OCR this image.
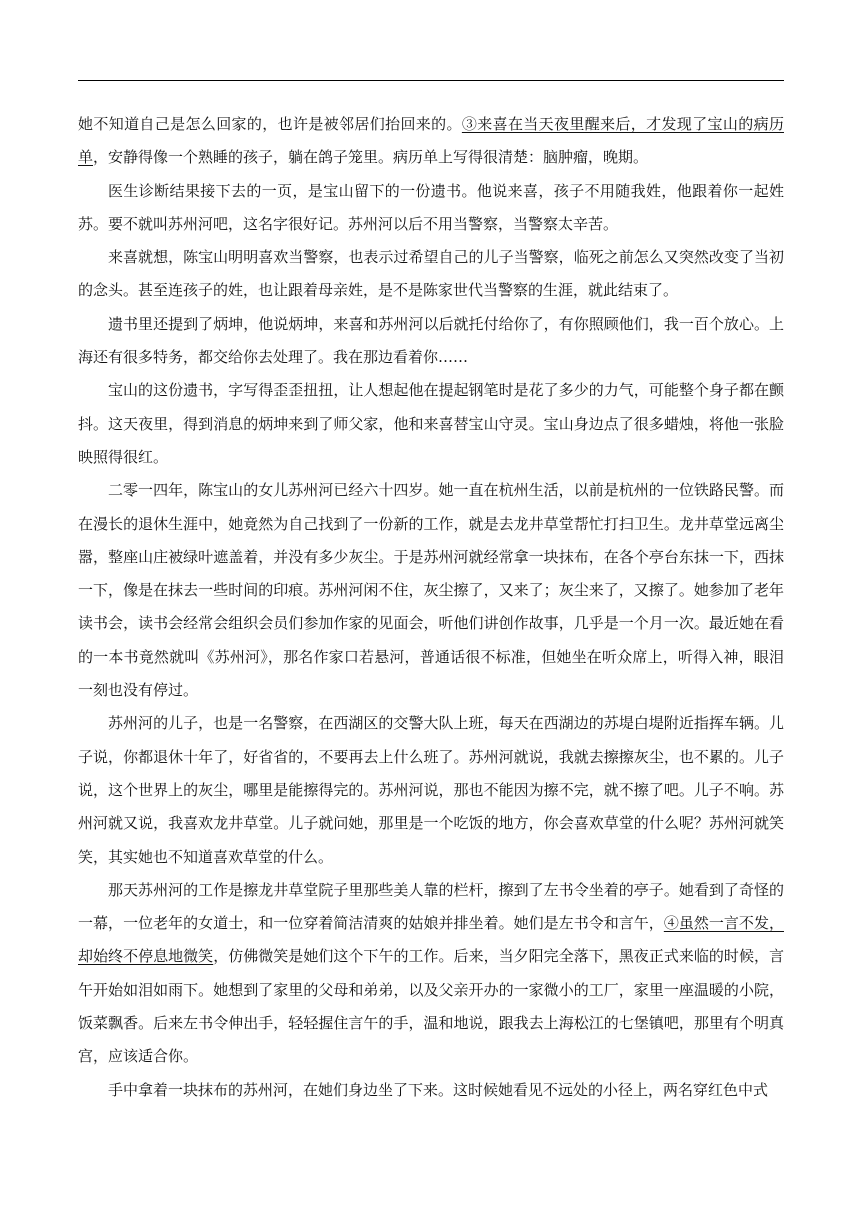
她不知道自己是怎么回家的，也许是被邻居们抬回来的。③来喜在当天夜里醒来后，才发现了宝山的病历单，安静得像一个熟睡的孩子，躺在鸽子笼里。病历单上写得很清楚：脑肿瘤，晚期。

医生诊断结果接下去的一页，是宝山留下的一份遗书。他说来喜，孩子不用随我姓，他跟着你一起姓苏。要不就叫苏州河吧，这名字很好记。苏州河以后不用当警察，当警察太辛苦。

来喜就想，陈宝山明明喜欢当警察，也表示过希望自己的儿子当警察，临死之前怎么又突然改变了当初的念头。甚至连孩子的姓，也让跟着母亲姓，是不是陈家世代当警察的生涯，就此结束了。

遗书里还提到了炳坤，他说炳坤，来喜和苏州河以后就托付给你了，有你照顾他们，我一百个放心。上海还有很多特务，都交给你去处理了。我在那边看着你……

宝山的这份遗书，字写得歪歪扭扭，让人想起他在提起钢笔时是花了多少的力气，可能整个身子都在颤抖。这天夜里，得到消息的炳坤来到了师父家，他和来喜替宝山守灵。宝山身边点了很多蜡烛，将他一张脸映照得很红。

二零一四年，陈宝山的女儿苏州河已经六十四岁。她一直在杭州生活，以前是杭州的一位铁路民警。而在漫长的退休生涯中，她竟然为自己找到了一份新的工作，就是去龙井草堂帮忙打扫卫生。龙井草堂远离尘嚣，整座山庄被绿叶遮盖着，并没有多少灰尘。于是苏州河就经常拿一块抹布，在各个亭台东抹一下，西抹一下，像是在抹去一些时间的印痕。苏州河闲不住，灰尘擦了，又来了；灰尘来了，又擦了。她参加了老年读书会，读书会经常会组织会员们参加作家的见面会，听他们讲创作故事，几乎是一个月一次。最近她在看的一本书竟然就叫《苏州河》，那名作家口若悬河，普通话很不标准，但她坐在听众席上，听得入神，眼泪一刻也没有停过。

苏州河的儿子，也是一名警察，在西湖区的交警大队上班，每天在西湖边的苏堤白堤附近指挥车辆。儿子说，你都退休十年了，好省省的，不要再去上什么班了。苏州河就说，我就去擦擦灰尘，也不累的。儿子说，这个世界上的灰尘，哪里是能擦得完的。苏州河说，那也不能因为擦不完，就不擦了吧。儿子不响。苏州河就又说，我喜欢龙井草堂。儿子就问她，那里是一个吃饭的地方，你会喜欢草堂的什么呢？苏州河就笑笑，其实她也不知道喜欢草堂的什么。

那天苏州河的工作是擦龙井草堂院子里那些美人靠的栏杆，擦到了左书令坐着的亭子。她看到了奇怪的一幕，一位老年的女道士，和一位穿着简洁清爽的姑娘并排坐着。她们是左书令和言午，④虽然一言不发，却始终不停息地微笑，仿佛微笑是她们这个下午的工作。后来，当夕阳完全落下，黑夜正式来临的时候，言午开始如泪如雨下。她想到了家里的父母和弟弟，以及父亲开办的一家微小的工厂，家里一座温暖的小院，饭菜飘香。后来左书令伸出手，轻轻握住言午的手，温和地说，跟我去上海松江的七堡镇吧，那里有个明真宫，应该适合你。

手中拿着一块抹布的苏州河，在她们身边坐了下来。这时候她看见不远处的小径上，两名穿红色中式
